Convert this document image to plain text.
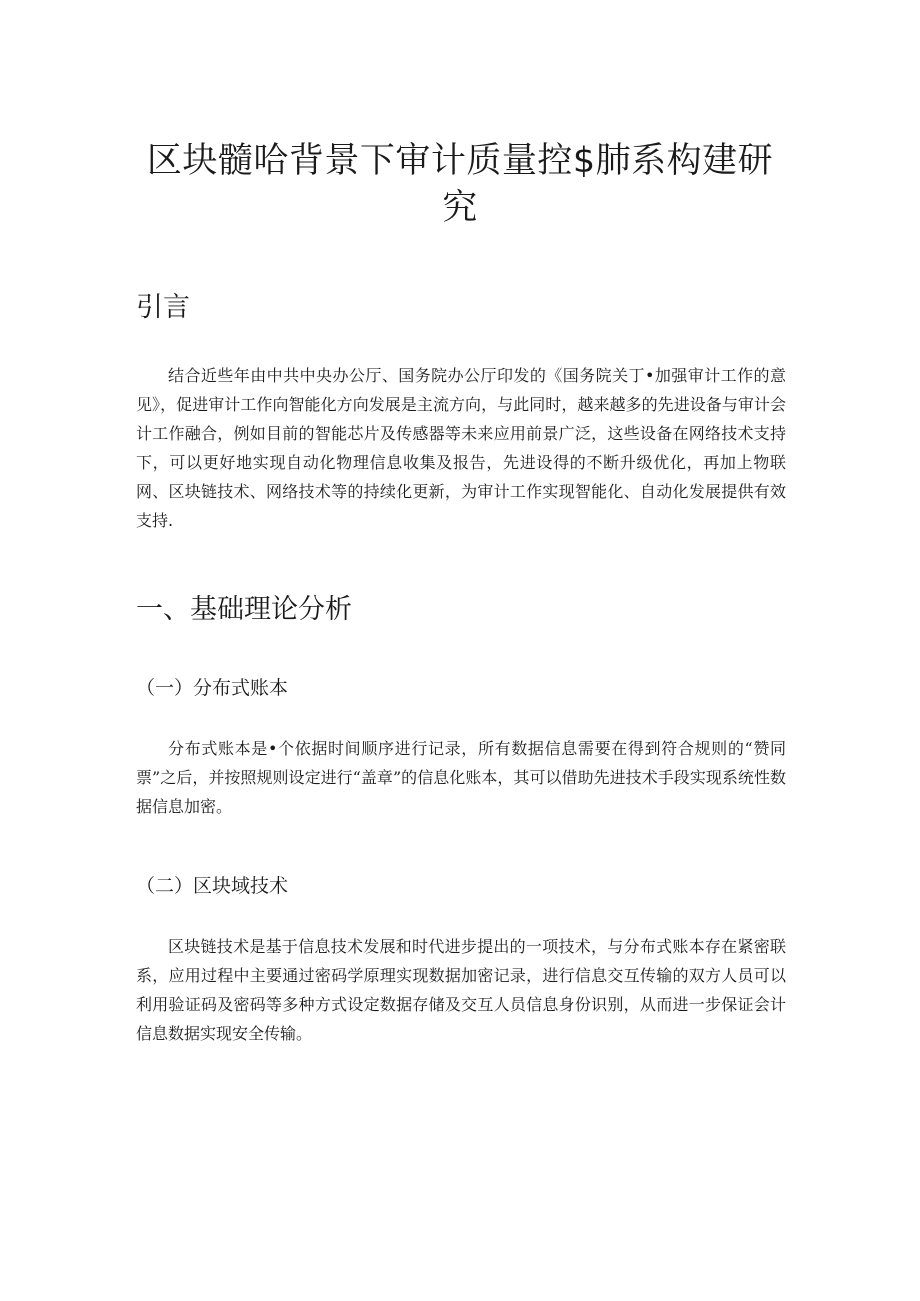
区块髓哈背景下审计质量控$肺系构建研
究
引言

结合近些年由中共中央办公厅、国务院办公厅印发的《国务院关丁•加强审计工作的意见》，促进审计工作向智能化方向发展是主流方向，与此同时，越来越多的先进设备与审计会计工作融合，例如目前的智能芯片及传感器等未来应用前景广泛，这些设备在网络技术支持下，可以更好地实现自动化物理信息收集及报告，先进设得的不断升级优化，再加上物联网、区块链技术、网络技术等的持续化更新，为审计工作实现智能化、自动化发展提供有效支持.

一、基础理论分析
（一）分布式账本

分布式账本是•个依据时间顺序进行记录，所有数据信息需要在得到符合规则的“赞同票”之后，并按照规则设定进行“盖章”的信息化账本，其可以借助先进技术手段实现系统性数据信息加密。

（二）区块域技术

区块链技术是基于信息技术发展和时代进步提出的一项技术，与分布式账本存在紧密联系，应用过程中主要通过密码学原理实现数据加密记录，进行信息交互传输的双方人员可以利用验证码及密码等多种方式设定数据存储及交互人员信息身份识别，从而进一步保证会计信息数据实现安全传输。
